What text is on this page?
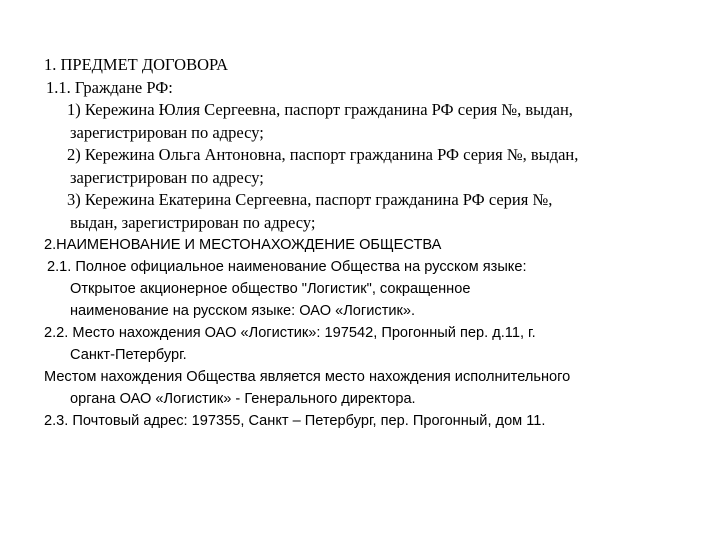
1. ПРЕДМЕТ ДОГОВОРА

1.1. Граждане РФ:

1) Кережина Юлия Сергеевна, паспорт гражданина РФ серия №, выдан,

зарегистрирован по адресу;

2) Кережина Ольга Антоновна, паспорт гражданина РФ серия №, выдан,

зарегистрирован по адресу;

3) Кережина Екатерина Сергеевна, паспорт гражданина РФ серия №,

выдан, зарегистрирован по адресу;

2.НАИМЕНОВАНИЕ И МЕСТОНАХОЖДЕНИЕ ОБЩЕСТВА

2.1. Полное официальное наименование Общества на русском языке:

Открытое акционерное общество "Логистик", сокращенное

наименование на русском языке: ОАО «Логистик».

2.2. Место нахождения ОАО «Логистик»: 197542, Прогонный пер. д.11, г.

Санкт-Петербург.

Местом нахождения Общества является место нахождения исполнительного

органа ОАО «Логистик» - Генерального директора.

2.3. Почтовый адрес: 197355, Санкт – Петербург, пер. Прогонный, дом 11.
